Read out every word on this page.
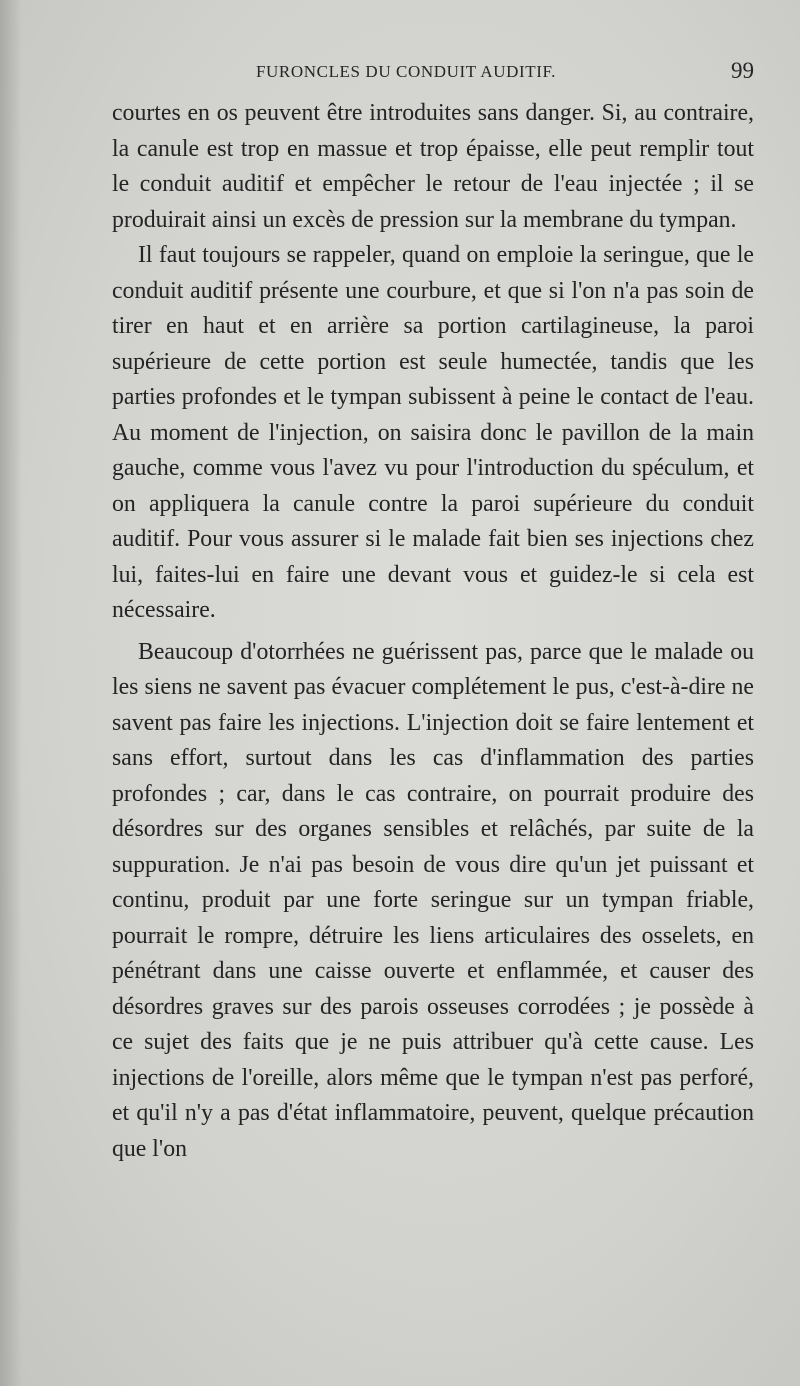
FURONCLES DU CONDUIT AUDITIF.	99

courtes en os peuvent être introduites sans danger. Si, au contraire, la canule est trop en massue et trop épaisse, elle peut remplir tout le conduit auditif et empêcher le retour de l'eau injectée ; il se produirait ainsi un excès de pression sur la membrane du tympan.

Il faut toujours se rappeler, quand on emploie la seringue, que le conduit auditif présente une courbure, et que si l'on n'a pas soin de tirer en haut et en arrière sa portion cartilagineuse, la paroi supérieure de cette portion est seule humectée, tandis que les parties profondes et le tympan subissent à peine le contact de l'eau. Au moment de l'injection, on saisira donc le pavillon de la main gauche, comme vous l'avez vu pour l'introduction du spéculum, et on appliquera la canule contre la paroi supérieure du conduit auditif. Pour vous assurer si le malade fait bien ses injections chez lui, faites-lui en faire une devant vous et guidez-le si cela est nécessaire.

Beaucoup d'otorrhées ne guérissent pas, parce que le malade ou les siens ne savent pas évacuer complétement le pus, c'est-à-dire ne savent pas faire les injections. L'injection doit se faire lentement et sans effort, surtout dans les cas d'inflammation des parties profondes ; car, dans le cas contraire, on pourrait produire des désordres sur des organes sensibles et relâchés, par suite de la suppuration. Je n'ai pas besoin de vous dire qu'un jet puissant et continu, produit par une forte seringue sur un tympan friable, pourrait le rompre, détruire les liens articulaires des osselets, en pénétrant dans une caisse ouverte et enflammée, et causer des désordres graves sur des parois osseuses corrodées ; je possède à ce sujet des faits que je ne puis attribuer qu'à cette cause. Les injections de l'oreille, alors même que le tympan n'est pas perforé, et qu'il n'y a pas d'état inflammatoire, peuvent, quelque précaution que l'on
